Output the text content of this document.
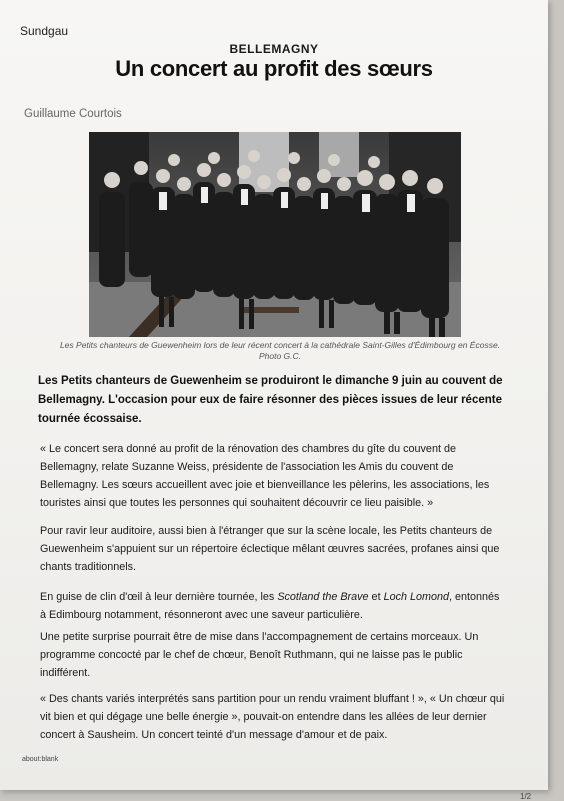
Sundgau
BELLEMAGNY
Un concert au profit des sœurs
Guillaume Courtois
Les Petits chanteurs de Guewenheim lors de leur récent concert à la cathédrale Saint-Gilles d'Édimbourg en Écosse.
Photo G.C.
Les Petits chanteurs de Guewenheim se produiront le dimanche 9 juin au couvent de Bellemagny. L'occasion pour eux de faire résonner des pièces issues de leur récente tournée écossaise.
« Le concert sera donné au profit de la rénovation des chambres du gîte du couvent de Bellemagny, relate Suzanne Weiss, présidente de l'association les Amis du couvent de Bellemagny. Les sœurs accueillent avec joie et bienveillance les pèlerins, les associations, les touristes ainsi que toutes les personnes qui souhaitent découvrir ce lieu paisible. »
Pour ravir leur auditoire, aussi bien à l'étranger que sur la scène locale, les Petits chanteurs de Guewenheim s'appuient sur un répertoire éclectique mêlant œuvres sacrées, profanes ainsi que chants traditionnels.
En guise de clin d'œil à leur dernière tournée, les Scotland the Brave et Loch Lomond, entonnés à Edimbourg notamment, résonneront avec une saveur particulière.
Une petite surprise pourrait être de mise dans l'accompagnement de certains morceaux. Un programme concocté par le chef de chœur, Benoît Ruthmann, qui ne laisse pas le public indifférent.
« Des chants variés interprétés sans partition pour un rendu vraiment bluffant ! », « Un chœur qui vit bien et qui dégage une belle énergie », pouvait-on entendre dans les allées de leur dernier concert à Sausheim. Un concert teinté d'un message d'amour et de paix.
about:blank
1/2
